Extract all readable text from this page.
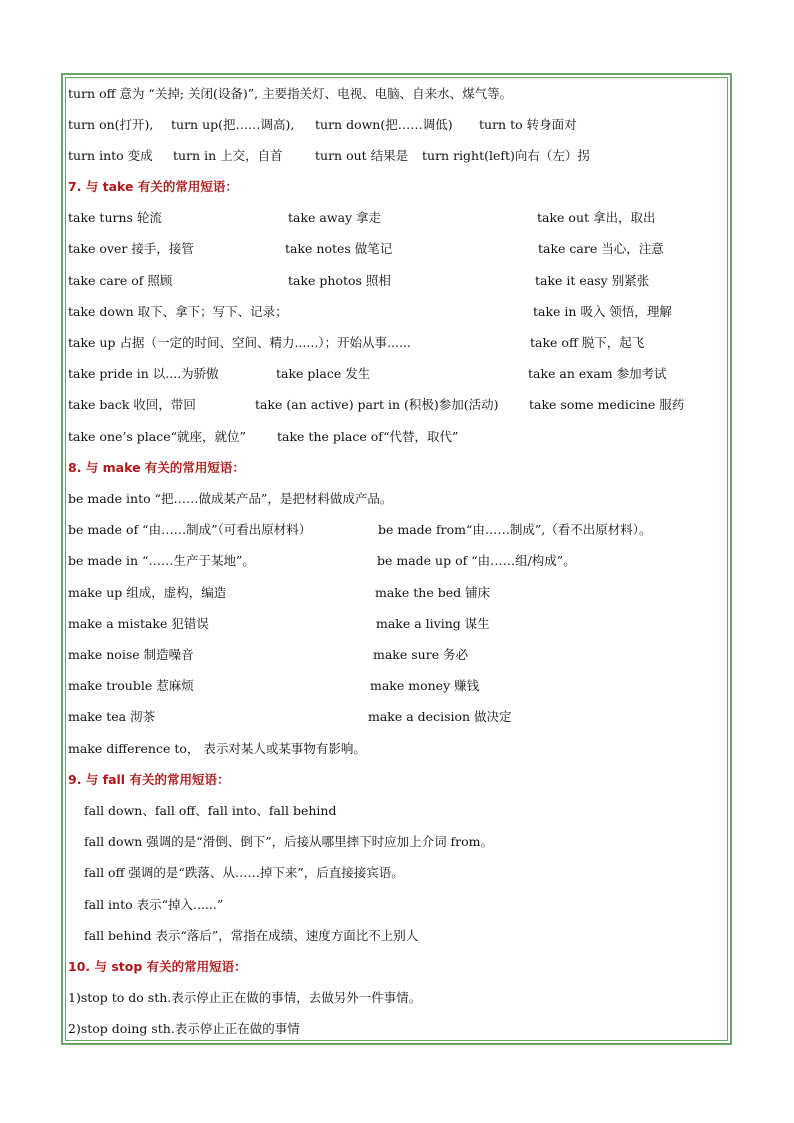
turn off 意为 “关掉; 关闭(设备)”, 主要指关灯、电视、电脑、自来水、煤气等。
turn on(打开), turn up(把……调高), turn down(把……调低) turn to 转身面对
turn into 变成 turn in 上交，自首	turn out 结果是 turn right(left)向右（左）拐
7. 与 take 有关的常用短语：
take turns 轮流	take away 拿走	take out 拿出，取出
take over 接手，接管	take notes 做笔记	take care 当心，注意
take care of 照顾	take photos 照相	take it easy 别紧张
take down 取下、拿下；写下、记录；	take in 吸入 领悟，理解
take up 占据（一定的时间、空间、精力......）；开始从事......	take off 脱下，起飞
take pride in 以....为骄傲	take place 发生	take an exam 参加考试
take back 收回，带回	take (an active) part in (积极)参加(活动) take some medicine 服药
take one’s place“就座，就位” take the place of“代替，取代”
8. 与 make 有关的常用短语：
be made into “把……做成某产品”，是把材料做成产品。
be made of “由……制成”（可看出原材料）	be made from“由……制成”,（看不出原材料）。
be made in “……生产于某地”。	be made up of “由……组/构成”。
make up 组成，虚构，编造	make the bed 铺床
make a mistake 犯错误	make a living 谋生
make noise 制造噪音	make sure 务必
make trouble 惹麻烦	make money 赚钱
make tea 沏茶	make a decision 做决定
make difference to， 表示对某人或某事物有影响。
9. 与 fall 有关的常用短语：
fall down、fall off、fall into、fall behind
fall down 强调的是“滑倒、倒下”，后接从哪里摔下时应加上介词 from。
fall off 强调的是“跌落、从……掉下来”，后直接接宾语。
fall into 表示“掉入......”
fall behind 表示“落后”，常指在成绩、速度方面比不上别人
10. 与 stop 有关的常用短语：
1)stop to do sth.表示停止正在做的事情，去做另外一件事情。
2)stop doing sth.表示停止正在做的事情
